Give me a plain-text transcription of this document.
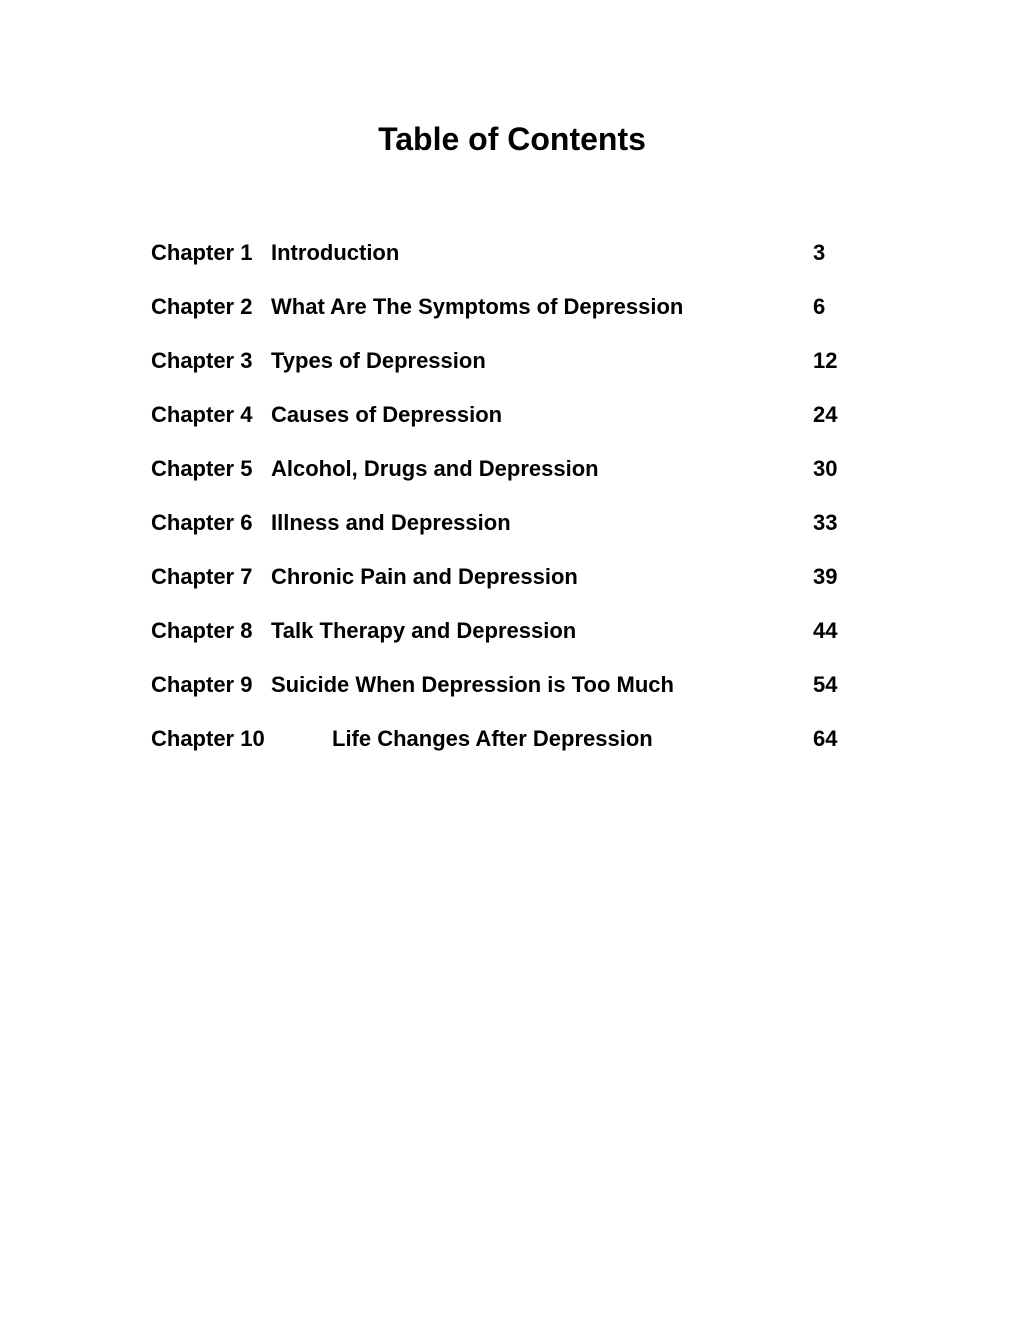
Table of Contents
Chapter 1 Introduction	3
Chapter 2 What Are The Symptoms of Depression	6
Chapter 3 Types of Depression	12
Chapter 4 Causes of Depression	24
Chapter 5 Alcohol, Drugs and Depression	30
Chapter 6 Illness and Depression	33
Chapter 7 Chronic Pain and Depression	39
Chapter 8 Talk Therapy and Depression	44
Chapter 9 Suicide When Depression is Too Much	54
Chapter 10	Life Changes After Depression	64
